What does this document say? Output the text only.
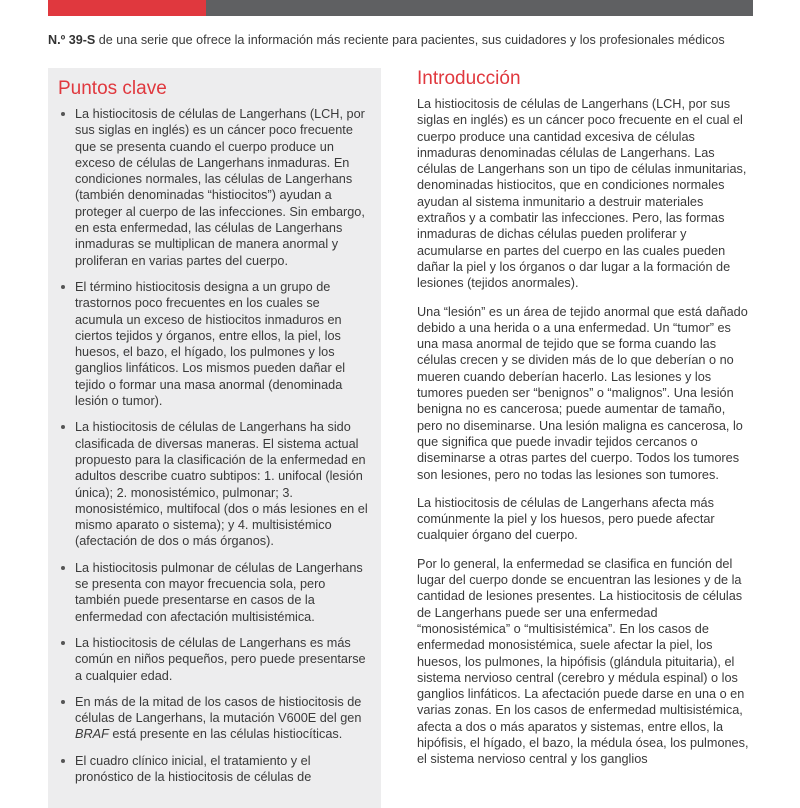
N.º 39-S de una serie que ofrece la información más reciente para pacientes, sus cuidadores y los profesionales médicos
Puntos clave
La histiocitosis de células de Langerhans (LCH, por sus siglas en inglés) es un cáncer poco frecuente que se presenta cuando el cuerpo produce un exceso de células de Langerhans inmaduras. En condiciones normales, las células de Langerhans (también denominadas “histiocitos”) ayudan a proteger al cuerpo de las infecciones. Sin embargo, en esta enfermedad, las células de Langerhans inmaduras se multiplican de manera anormal y proliferan en varias partes del cuerpo.
El término histiocitosis designa a un grupo de trastornos poco frecuentes en los cuales se acumula un exceso de histiocitos inmaduros en ciertos tejidos y órganos, entre ellos, la piel, los huesos, el bazo, el hígado, los pulmones y los ganglios linfáticos. Los mismos pueden dañar el tejido o formar una masa anormal (denominada lesión o tumor).
La histiocitosis de células de Langerhans ha sido clasificada de diversas maneras. El sistema actual propuesto para la clasificación de la enfermedad en adultos describe cuatro subtipos: 1. unifocal (lesión única); 2. monosistémico, pulmonar; 3. monosistémico, multifocal (dos o más lesiones en el mismo aparato o sistema); y 4. multisistémico (afectación de dos o más órganos).
La histiocitosis pulmonar de células de Langerhans se presenta con mayor frecuencia sola, pero también puede presentarse en casos de la enfermedad con afectación multisistémica.
La histiocitosis de células de Langerhans es más común en niños pequeños, pero puede presentarse a cualquier edad.
En más de la mitad de los casos de histiocitosis de células de Langerhans, la mutación V600E del gen BRAF está presente en las células histiocíticas.
El cuadro clínico inicial, el tratamiento y el pronóstico de la histiocitosis de células de
Introducción

La histiocitosis de células de Langerhans (LCH, por sus siglas en inglés) es un cáncer poco frecuente en el cual el cuerpo produce una cantidad excesiva de células inmaduras denominadas células de Langerhans. Las células de Langerhans son un tipo de células inmunitarias, denominadas histiocitos, que en condiciones normales ayudan al sistema inmunitario a destruir materiales extraños y a combatir las infecciones. Pero, las formas inmaduras de dichas células pueden proliferar y acumularse en partes del cuerpo en las cuales pueden dañar la piel y los órganos o dar lugar a la formación de lesiones (tejidos anormales).

Una “lesión” es un área de tejido anormal que está dañado debido a una herida o a una enfermedad. Un “tumor” es una masa anormal de tejido que se forma cuando las células crecen y se dividen más de lo que deberían o no mueren cuando deberían hacerlo. Las lesiones y los tumores pueden ser “benignos” o “malignos”. Una lesión benigna no es cancerosa; puede aumentar de tamaño, pero no diseminarse. Una lesión maligna es cancerosa, lo que significa que puede invadir tejidos cercanos o diseminarse a otras partes del cuerpo. Todos los tumores son lesiones, pero no todas las lesiones son tumores.

La histiocitosis de células de Langerhans afecta más comúnmente la piel y los huesos, pero puede afectar cualquier órgano del cuerpo.

Por lo general, la enfermedad se clasifica en función del lugar del cuerpo donde se encuentran las lesiones y de la cantidad de lesiones presentes. La histiocitosis de células de Langerhans puede ser una enfermedad “monosistémica” o “multisistémica”. En los casos de enfermedad monosistémica, suele afectar la piel, los huesos, los pulmones, la hipófisis (glándula pituitaria), el sistema nervioso central (cerebro y médula espinal) o los ganglios linfáticos. La afectación puede darse en una o en varias zonas. En los casos de enfermedad multisistémica, afecta a dos o más aparatos y sistemas, entre ellos, la hipófisis, el hígado, el bazo, la médula ósea, los pulmones, el sistema nervioso central y los ganglios
